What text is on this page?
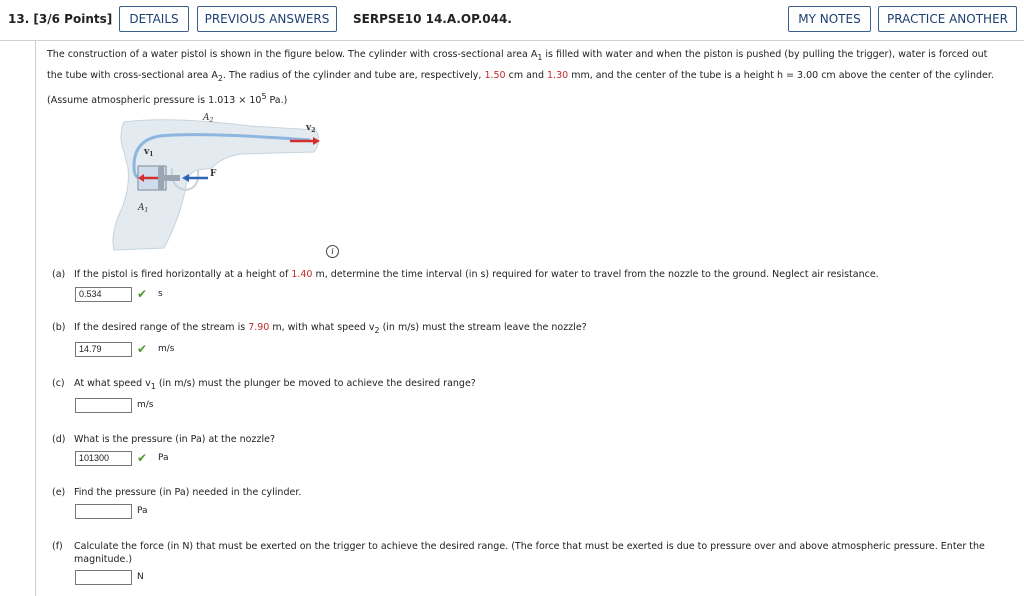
13. [3/6 Points]	DETAILS	PREVIOUS ANSWERS	SERPSE10 14.A.OP.044.	MY NOTES	PRACTICE ANOTHER
The construction of a water pistol is shown in the figure below. The cylinder with cross-sectional area $A_1$ is filled with water and when the piston is pushed (by pulling the trigger), water is forced out
the tube with cross-sectional area $A_2$. The radius of the cylinder and tube are, respectively, 1.50 cm and 1.30 mm, and the center of the tube is a height h = 3.00 cm above the center of the cylinder.
(Assume atmospheric pressure is $1.013 \times 10^5$ Pa.)
$A_2$
$v_2$
$v_1$
F
$A_1$
i
(a) If the pistol is fired horizontally at a height of 1.40 m, determine the time interval (in s) required for water to travel from the nozzle to the ground. Neglect air resistance.
0.534	✔ s
(b) If the desired range of the stream is 7.90 m, with what speed $v_2$ (in m/s) must the stream leave the nozzle?
14.79	✔ m/s
(c) At what speed $v_1$ (in m/s) must the plunger be moved to achieve the desired range?
m/s
(d) What is the pressure (in Pa) at the nozzle?
101300	✔ Pa
(e) Find the pressure (in Pa) needed in the cylinder.
Pa
(f) Calculate the force (in N) that must be exerted on the trigger to achieve the desired range. (The force that must be exerted is due to pressure over and above atmospheric pressure. Enter the
magnitude.)
N
